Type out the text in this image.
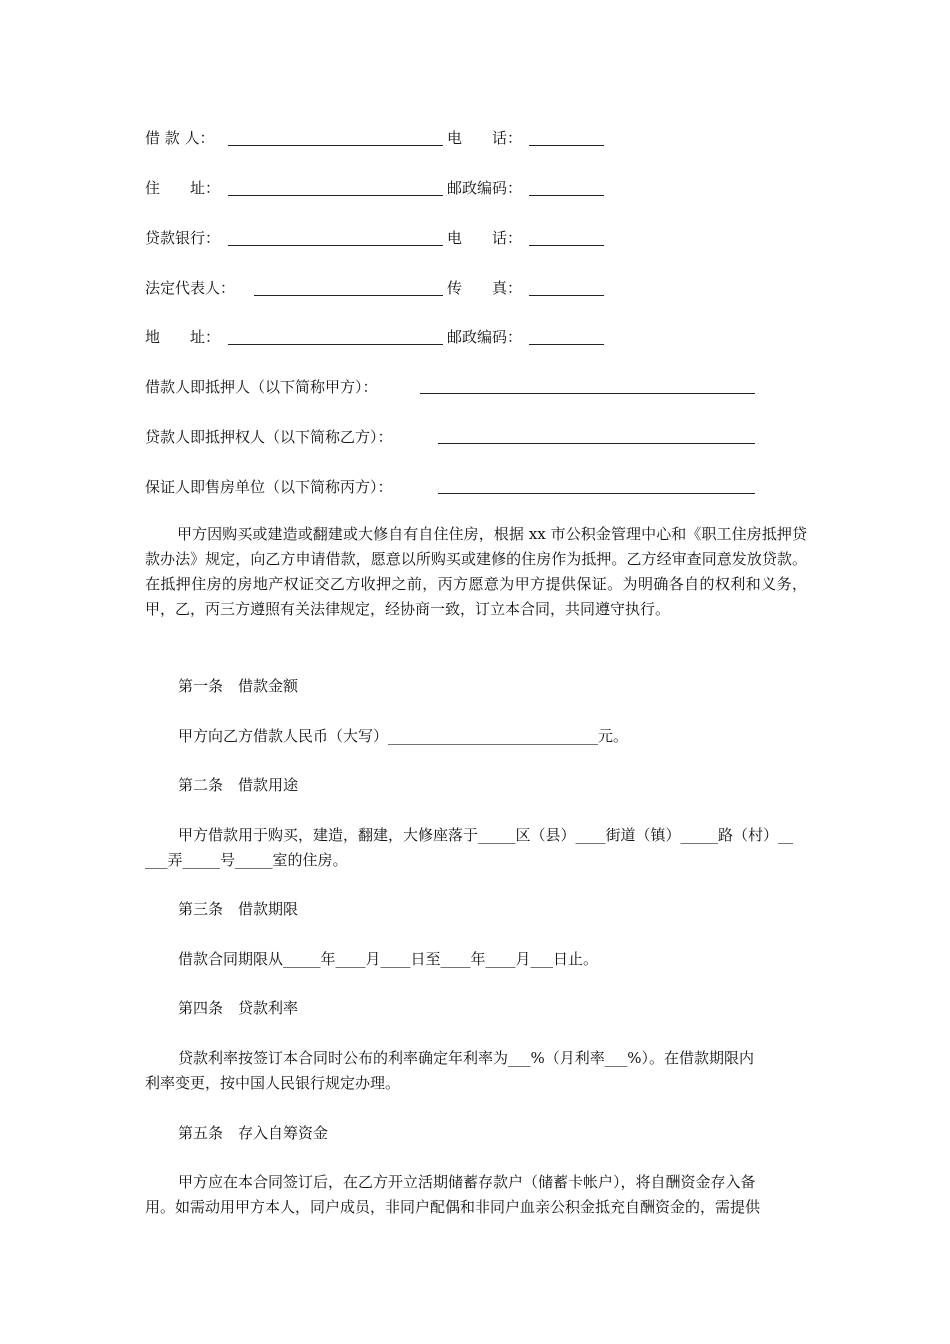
借 款 人：	电　　话：
住　　址：	邮政编码：
贷款银行：	电　　话：
法定代表人：	传　　真：
地　　址：	邮政编码：
借款人即抵押人（以下简称甲方）：
贷款人即抵押权人（以下简称乙方）：
保证人即售房单位（以下简称丙方）：

甲方因购买或建造或翻建或大修自有自住住房，根据 xx 市公积金管理中心和《职工住房抵押贷款办法》规定，向乙方申请借款，愿意以所购买或建修的住房作为抵押。乙方经审查同意发放贷款。在抵押住房的房地产权证交乙方收押之前，丙方愿意为甲方提供保证。为明确各自的权利和义务，甲，乙，丙三方遵照有关法律规定，经协商一致，订立本合同，共同遵守执行。

第一条　借款金额
甲方向乙方借款人民币（大写）____________________________元。
第二条　借款用途
甲方借款用于购买，建造，翻建，大修座落于_____区（县）____街道（镇）_____路（村）__
___弄_____号_____室的住房。
第三条　借款期限
借款合同期限从_____年____月____日至____年____月___日止。
第四条　贷款利率
贷款利率按签订本合同时公布的利率确定年利率为___%（月利率___%）。在借款期限内
利率变更，按中国人民银行规定办理。
第五条　存入自筹资金
甲方应在本合同签订后，在乙方开立活期储蓄存款户（储蓄卡帐户），将自酬资金存入备
用。如需动用甲方本人，同户成员，非同户配偶和非同户血亲公积金抵充自酬资金的，需提供
